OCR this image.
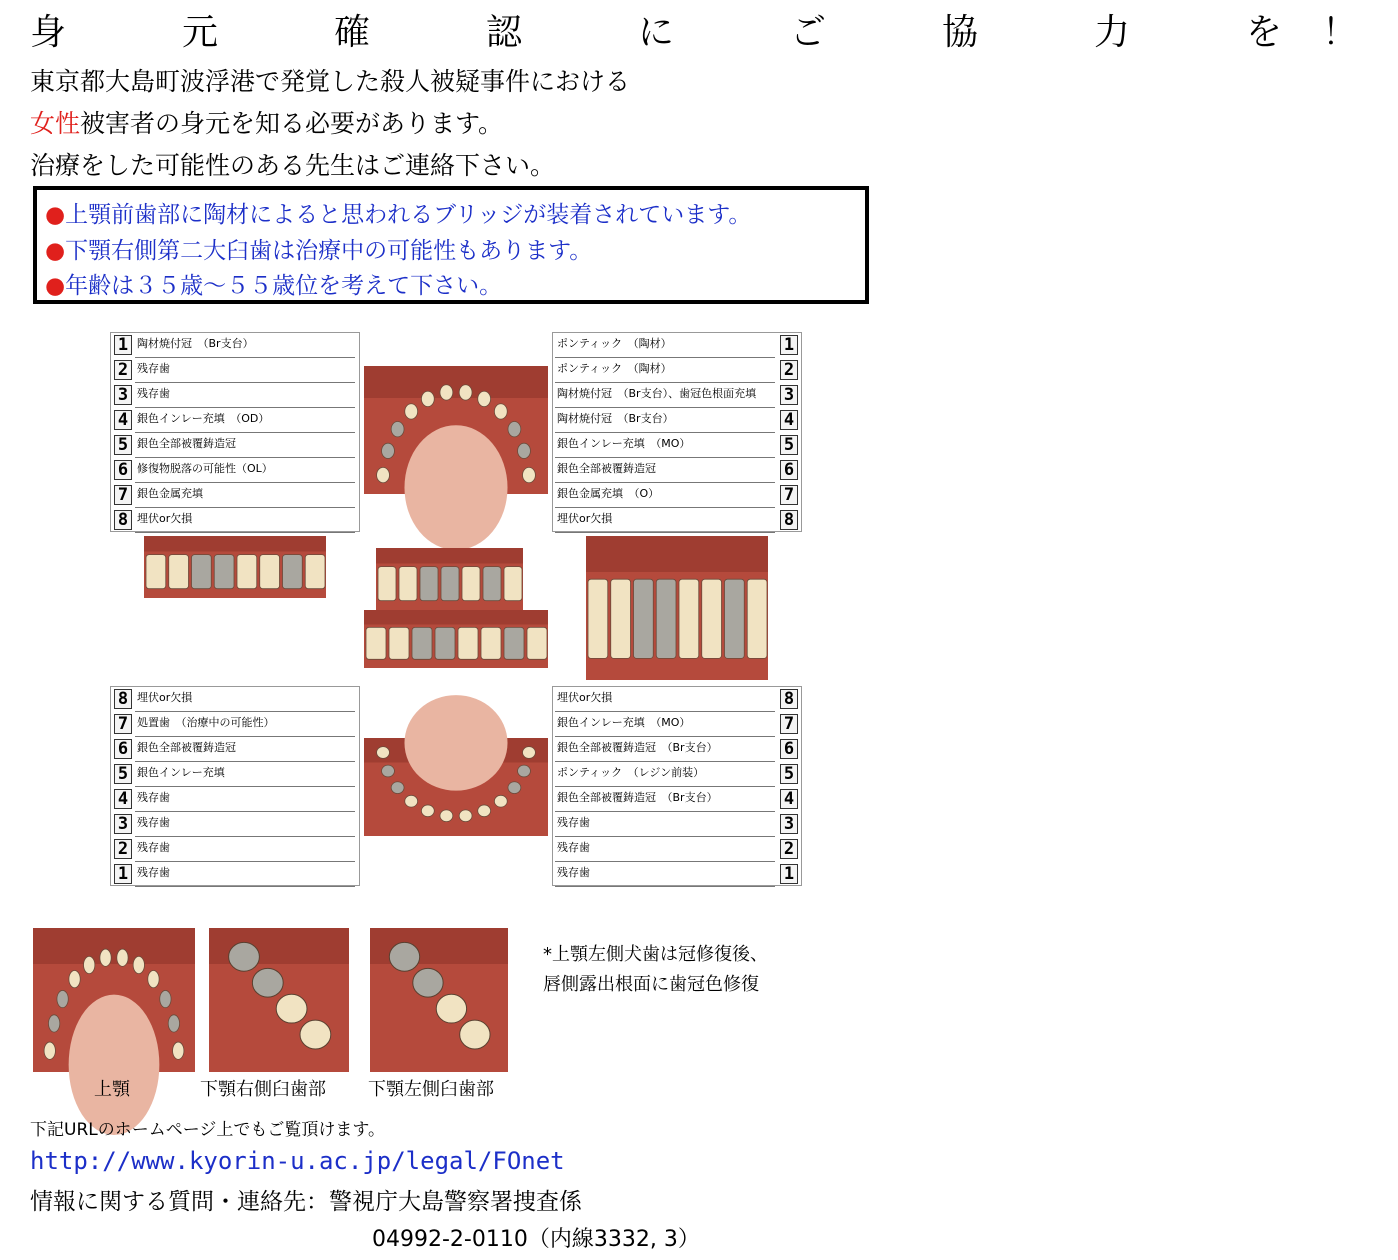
身　元　確　認　に　ご　協　力　を！
東京都大島町波浮港で発覚した殺人被疑事件における
女性被害者の身元を知る必要があります。
治療をした可能性のある先生はご連絡下さい。
●上顎前歯部に陶材によると思われるブリッジが装着されています。
●下顎右側第二大臼歯は治療中の可能性もあります。
●年齢は３５歳～５５歳位を考えて下さい。
1 陶材焼付冠　（Br支台）
2 残存歯
3 残存歯
4 銀色インレー充填　（OD）
5 銀色全部被覆鋳造冠
6 修復物脱落の可能性（OL）
7 銀色金属充填
8 埋伏or欠損
1
ポンティック　（陶材）
2
ポンティック　（陶材）
3
陶材焼付冠　（Br支台）、歯冠色根面充填
4
陶材焼付冠　（Br支台）
5
銀色インレー充填　（MO）
6
銀色全部被覆鋳造冠
7
銀色金属充填　（O）
8
埋伏or欠損
8 埋伏or欠損
7 処置歯　（治療中の可能性）
6 銀色全部被覆鋳造冠
5 銀色インレー充填
4 残存歯
3 残存歯
2 残存歯
1 残存歯
8
埋伏or欠損
7
銀色インレー充填　（MO）
6
銀色全部被覆鋳造冠　（Br支台）
5
ポンティック　（レジン前装）
4
銀色全部被覆鋳造冠　（Br支台）
3
残存歯
2
残存歯
1
残存歯
上顎	下顎右側臼歯部 下顎左側臼歯部
*上顎左側犬歯は冠修復後、
唇側露出根面に歯冠色修復
下記URLのホームページ上でもご覧頂けます。
http://www.kyorin-u.ac.jp/legal/FOnet
情報に関する質問・連絡先：警視庁大島警察署捜査係
04992-2-0110（内線3332, 3）
